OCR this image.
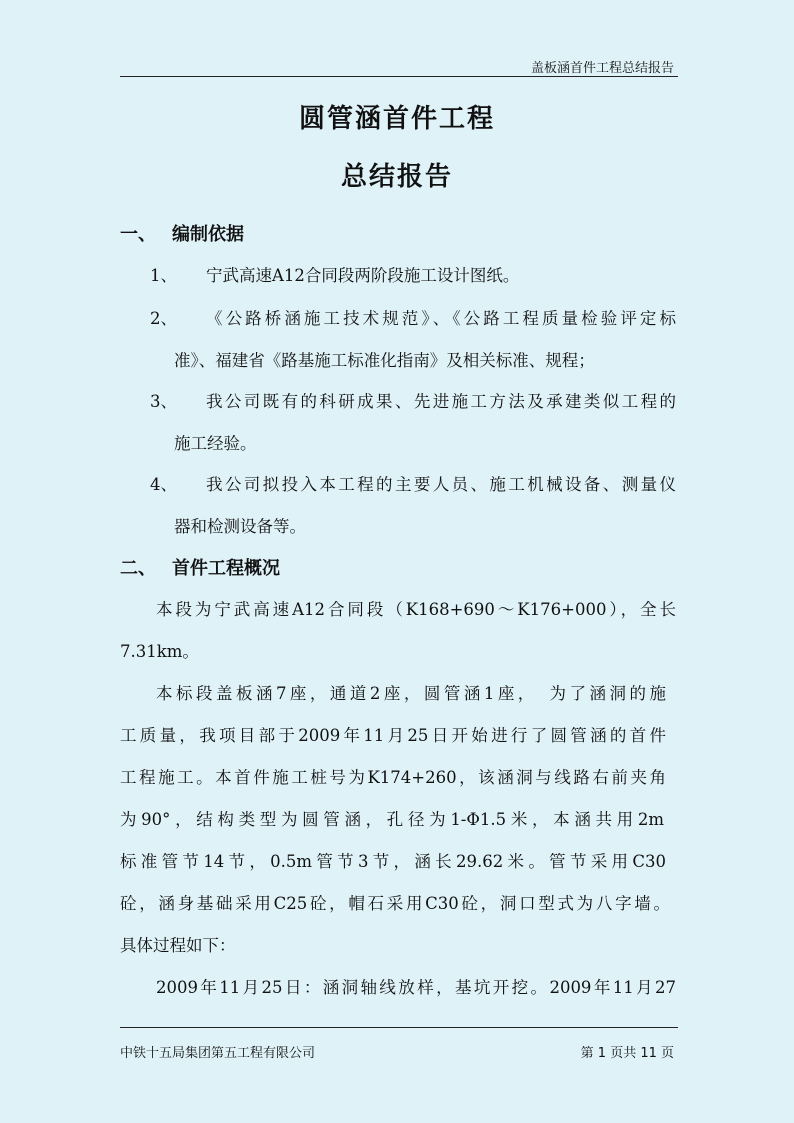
盖板涵首件工程总结报告
圆管涵首件工程
总结报告
一、 编制依据
1、 宁武高速A12合同段两阶段施工设计图纸。
2、 《公路桥涵施工技术规范》、《公路工程质量检验评定标
准》、福建省《路基施工标准化指南》及相关标准、规程；
3、 我公司既有的科研成果、先进施工方法及承建类似工程的
施工经验。
4、 我公司拟投入本工程的主要人员、施工机械设备、测量仪
器和检测设备等。
二、 首件工程概况
本段为宁武高速A12合同段（K168+690～K176+000），全长
7.31km。
本标段盖板涵7座，通道2座，圆管涵1座，　为了涵洞的施
工质量，我项目部于2009年11月25日开始进行了圆管涵的首件
工程施工。本首件施工桩号为K174+260，该涵洞与线路右前夹角
为90°，结构类型为圆管涵，孔径为1-Φ1.5米，本涵共用2m
标准管节14节，0.5m管节3节，涵长29.62米。管节采用C30
砼，涵身基础采用C25砼，帽石采用C30砼，洞口型式为八字墙。
具体过程如下：
2009年11月25日：涵洞轴线放样，基坑开挖。2009年11月27
中铁十五局集团第五工程有限公司	第 1 页共 11 页
